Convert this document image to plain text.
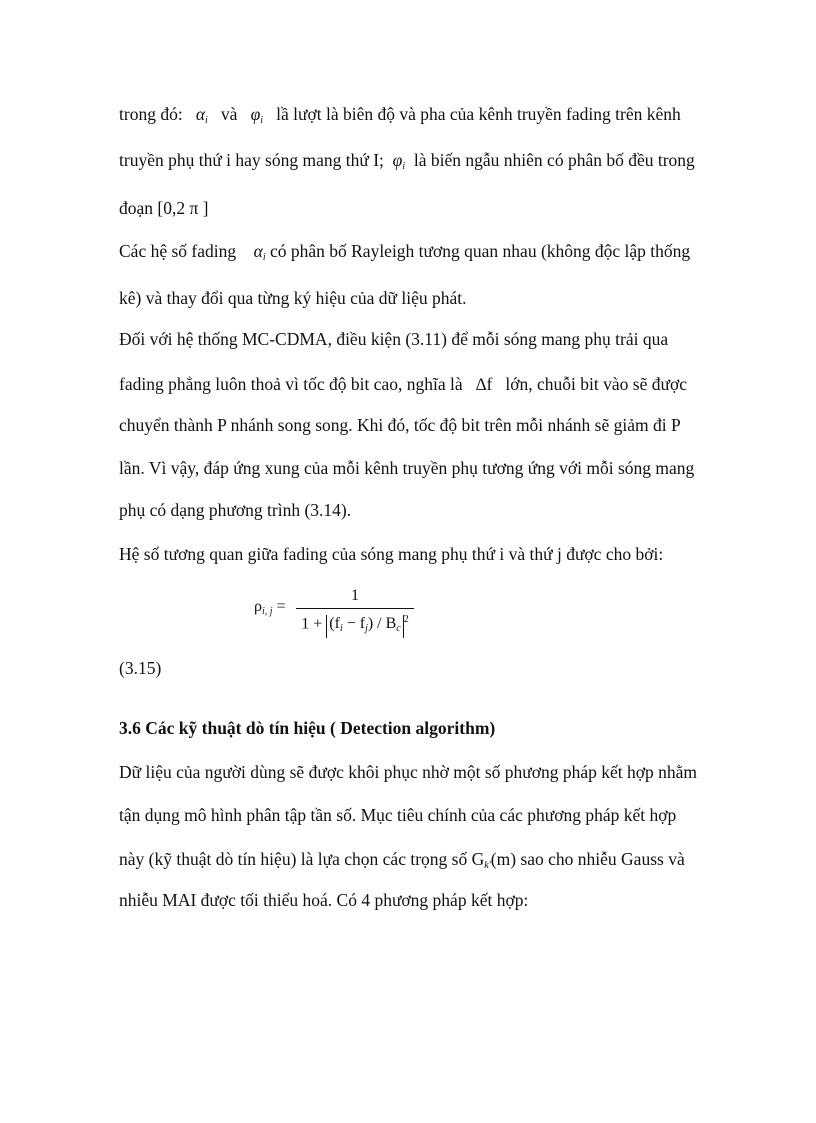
trong đó: $\alpha_i$ và $\varphi_i$ lầ lượt là biên độ và pha của kênh truyền fading trên kênh
truyền phụ thứ i hay sóng mang thứ I; $\varphi_i$ là biến ngẫu nhiên có phân bố đều trong
đoạn [0,2 π ]
Các hệ số fading $\alpha_i$ có phân bố Rayleigh tương quan nhau (không độc lập thống
kê) và thay đổi qua từng ký hiệu của dữ liệu phát.
Đối với hệ thống MC-CDMA, điều kiện (3.11) để mỗi sóng mang phụ trải qua
fading phẳng luôn thoả vì tốc độ bit cao, nghĩa là ∆f lớn, chuỗi bit vào sẽ được
chuyển thành P nhánh song song. Khi đó, tốc độ bit trên mỗi nhánh sẽ giảm đi P
lần. Vì vậy, đáp ứng xung của mỗi kênh truyền phụ tương ứng với mỗi sóng mang
phụ có dạng phương trình (3.14).
Hệ số tương quan giữa fading của sóng mang phụ thứ i và thứ j được cho bởi:
$\rho_{i, j}$ =
1
$1 + (f_i - f_j) / B_c^2$
(3.15)
3.6 Các kỹ thuật dò tín hiệu ( Detection algorithm)
Dữ liệu của người dùng sẽ được khôi phục nhờ một số phương pháp kết hợp nhằm
tận dụng mô hình phân tập tần số. Mục tiêu chính của các phương pháp kết hợp
này (kỹ thuật dò tín hiệu) là lựa chọn các trọng số $G_{k'}(m)$ sao cho nhiễu Gauss và
nhiễu MAI được tối thiểu hoá. Có 4 phương pháp kết hợp:
